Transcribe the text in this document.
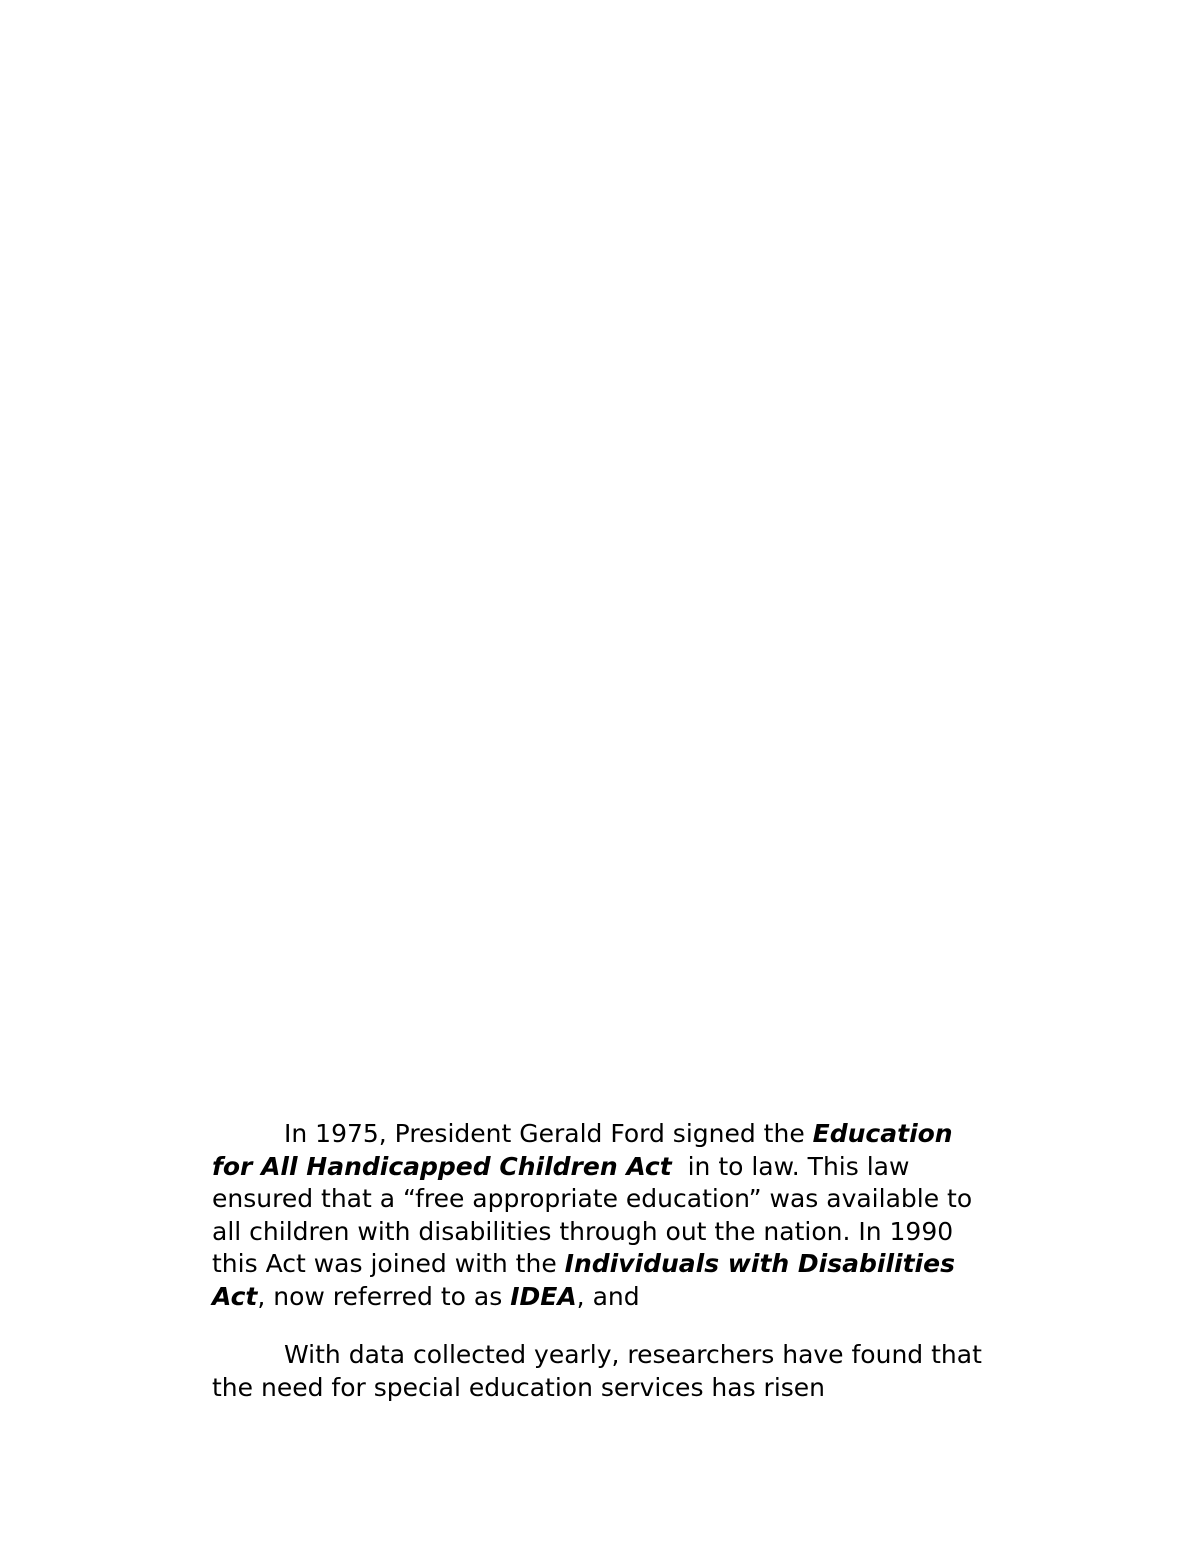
In 1975, President Gerald Ford signed the Education
for All Handicapped Children Act  in to law. This law
ensured that a “free appropriate education” was available to
all children with disabilities through out the nation. In 1990
this Act was joined with the Individuals with Disabilities
Act, now referred to as IDEA, and

With data collected yearly, researchers have found that
the need for special education services has risen
